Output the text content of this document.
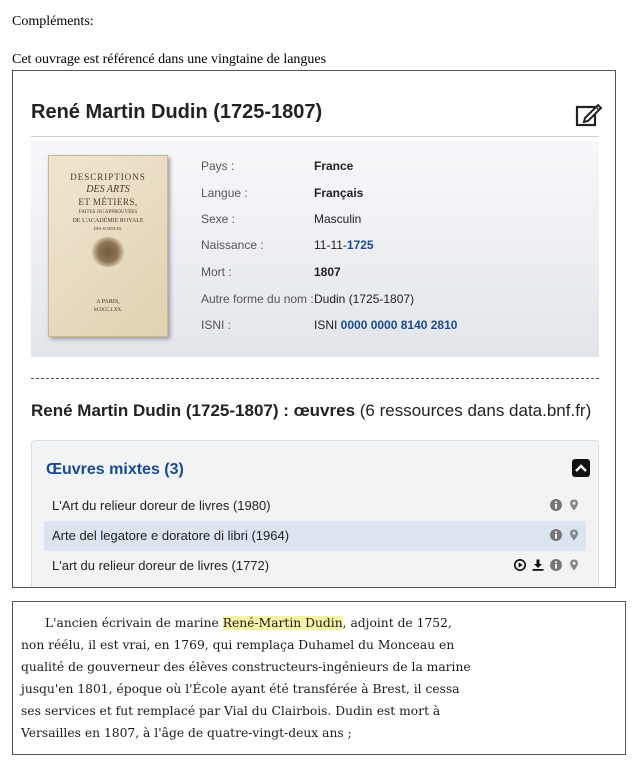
Compléments:
Cet ouvrage est référencé dans une vingtaine de langues
René Martin Dudin (1725-1807)
DESCRIPTIONS
DES ARTS
ET MÉTIERS,
FAITES OU APPROUVÉES
DE L'ACADÉMIE ROYALE
DES SCIENCES.
A PARIS,
M.DCC.LXX.
Pays :	France
Langue :	Français
Sexe :	Masculin
Naissance :	11-11-1725
Mort :	1807
Autre forme du nom : Dudin (1725-1807)
ISNI :	ISNI 0000 0000 8140 2810
René Martin Dudin (1725-1807) : œuvres (6 ressources dans data.bnf.fr)
Œuvres mixtes (3)
L'Art du relieur doreur de livres (1980)
Arte del legatore e doratore di libri (1964)
L'art du relieur doreur de livres (1772)
L'ancien écrivain de marine René-Martin Dudin, adjoint de 1752,
non réélu, il est vrai, en 1769, qui remplaça Duhamel du Monceau en
qualité de gouverneur des élèves constructeurs-ingénieurs de la marine
jusqu'en 1801, époque où l'École ayant été transférée à Brest, il cessa
ses services et fut remplacé par Vial du Clairbois. Dudin est mort à
Versailles en 1807, à l'âge de quatre-vingt-deux ans ;
